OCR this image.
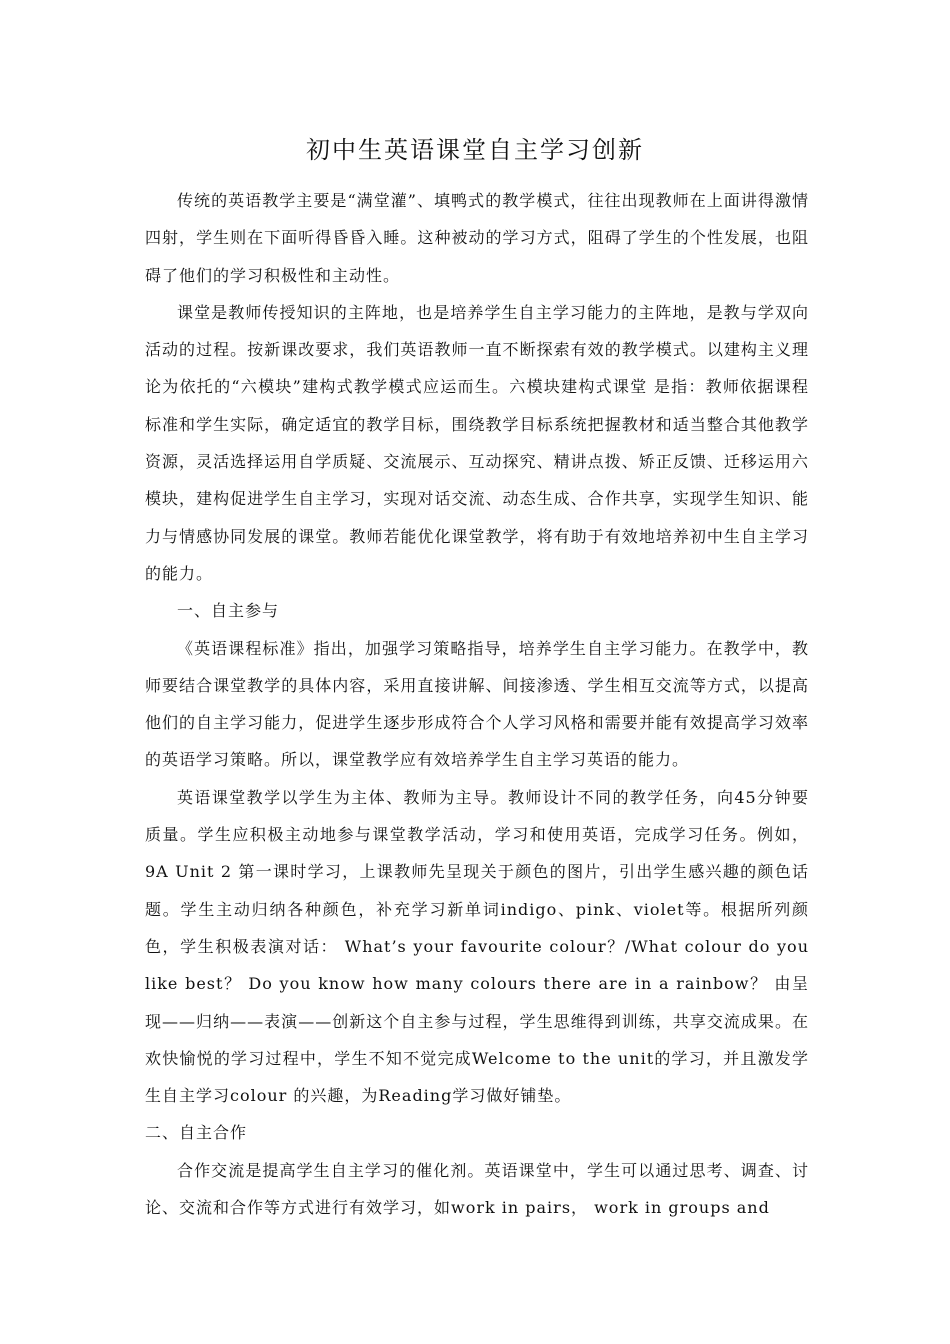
初中生英语课堂自主学习创新

传统的英语教学主要是“满堂灌”、填鸭式的教学模式，往往出现教师在上面讲得激情四射，学生则在下面听得昏昏入睡。这种被动的学习方式，阻碍了学生的个性发展，也阻碍了他们的学习积极性和主动性。

课堂是教师传授知识的主阵地，也是培养学生自主学习能力的主阵地，是教与学双向活动的过程。按新课改要求，我们英语教师一直不断探索有效的教学模式。以建构主义理论为依托的“六模块”建构式教学模式应运而生。六模块建构式课堂 是指：教师依据课程标准和学生实际，确定适宜的教学目标，围绕教学目标系统把握教材和适当整合其他教学资源，灵活选择运用自学质疑、交流展示、互动探究、精讲点拨、矫正反馈、迁移运用六模块，建构促进学生自主学习，实现对话交流、动态生成、合作共享，实现学生知识、能力与情感协同发展的课堂。教师若能优化课堂教学，将有助于有效地培养初中生自主学习的能力。

一、自主参与

《英语课程标准》指出，加强学习策略指导，培养学生自主学习能力。在教学中，教师要结合课堂教学的具体内容，采用直接讲解、间接渗透、学生相互交流等方式，以提高他们的自主学习能力，促进学生逐步形成符合个人学习风格和需要并能有效提高学习效率的英语学习策略。所以，课堂教学应有效培养学生自主学习英语的能力。

英语课堂教学以学生为主体、教师为主导。教师设计不同的教学任务，向45分钟要质量。学生应积极主动地参与课堂教学活动，学习和使用英语，完成学习任务。例如，9A Unit 2 第一课时学习，上课教师先呈现关于颜色的图片，引出学生感兴趣的颜色话题。学生主动归纳各种颜色，补充学习新单词indigo、pink、violet等。根据所列颜色，学生积极表演对话： What’s your favourite colour？/What colour do you like best？ Do you know how many colours there are in a rainbow？ 由呈现——归纳——表演——创新这个自主参与过程，学生思维得到训练，共享交流成果。在欢快愉悦的学习过程中，学生不知不觉完成Welcome to the unit的学习，并且激发学生自主学习colour 的兴趣，为Reading学习做好铺垫。

二、自主合作

合作交流是提高学生自主学习的催化剂。英语课堂中，学生可以通过思考、调查、讨论、交流和合作等方式进行有效学习，如work in pairs， work in groups and
